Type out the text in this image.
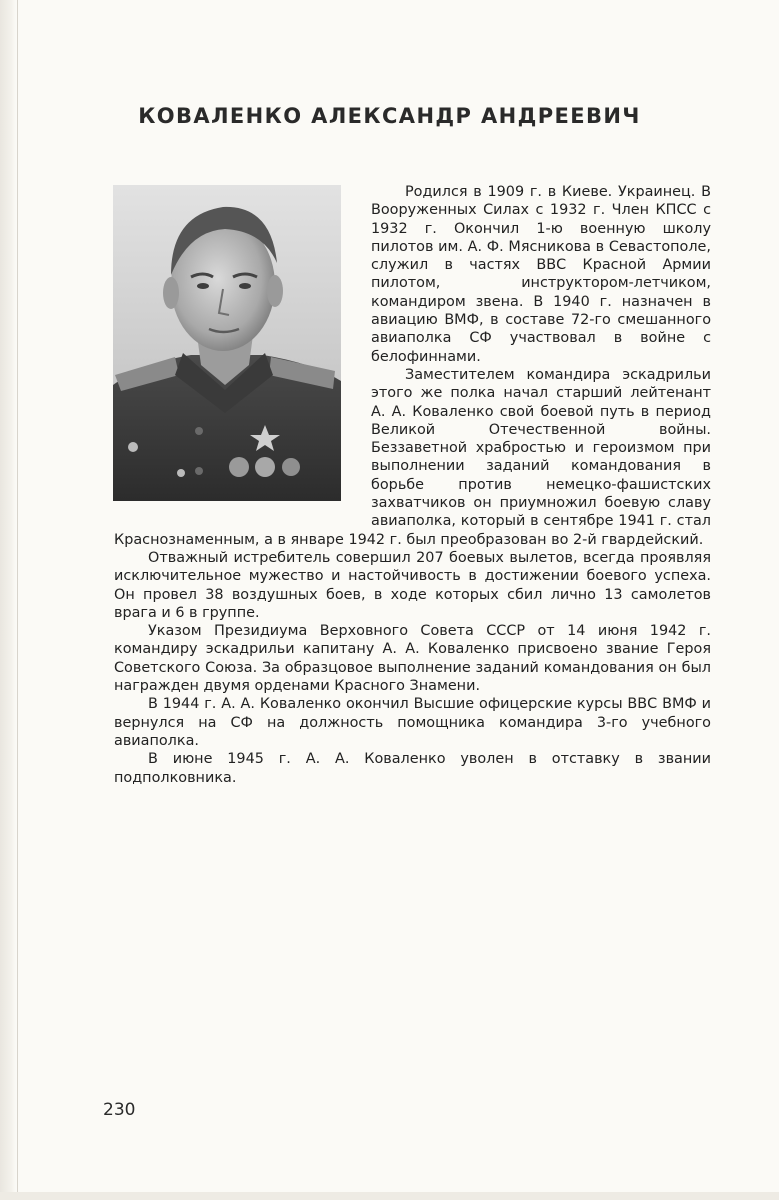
КОВАЛЕНКО АЛЕКСАНДР АНДРЕЕВИЧ

Родился в 1909 г. в Киеве. Украинец. В Вооруженных Силах с 1932 г. Член КПСС с 1932 г. Окончил 1-ю военную школу пилотов им. А. Ф. Мясникова в Севастополе, служил в частях ВВС Красной Армии пилотом, инструктором-летчиком, командиром звена. В 1940 г. назначен в авиацию ВМФ, в составе 72-го смешанного авиаполка СФ участвовал в войне с белофиннами.

Заместителем командира эскадрильи этого же полка начал старший лейтенант А. А. Коваленко свой боевой путь в период Великой Отечественной войны. Беззаветной храбростью и героизмом при выполнении заданий командования в борьбе против немецко-фашистских захватчиков он приумножил боевую славу авиаполка, который в сентябре 1941 г. стал Краснознаменным, а в январе 1942 г. был преобразован во 2-й гвардейский.

Отважный истребитель совершил 207 боевых вылетов, всегда проявляя исключительное мужество и настойчивость в достижении боевого успеха. Он провел 38 воздушных боев, в ходе которых сбил лично 13 самолетов врага и 6 в группе.

Указом Президиума Верховного Совета СССР от 14 июня 1942 г. командиру эскадрильи капитану А. А. Коваленко присвоено звание Героя Советского Союза. За образцовое выполнение заданий командования он был награжден двумя орденами Красного Знамени.

В 1944 г. А. А. Коваленко окончил Высшие офицерские курсы ВВС ВМФ и вернулся на СФ на должность помощника командира 3-го учебного авиаполка.

В июне 1945 г. А. А. Коваленко уволен в отставку в звании подполковника.

230
